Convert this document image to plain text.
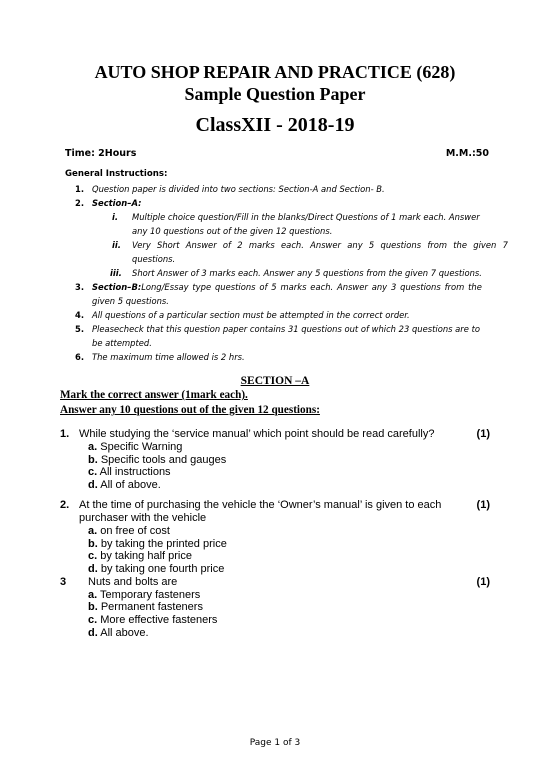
AUTO SHOP REPAIR AND PRACTICE (628)
Sample Question Paper
ClassXII - 2018-19
Time: 2Hours	M.M.:50
General Instructions:
1. Question paper is divided into two sections: Section-A and Section- B.
2. Section–A:
i. Multiple choice question/Fill in the blanks/Direct Questions of 1 mark each. Answer
any 10 questions out of the given 12 questions.
ii. Very Short Answer of 2 marks each. Answer any 5 questions from the given 7
questions.
iii. Short Answer of 3 marks each. Answer any 5 questions from the given 7 questions.
3. Section–B:Long/Essay type questions of 5 marks each. Answer any 3 questions from the
given 5 questions.
4. All questions of a particular section must be attempted in the correct order.
5. Pleasecheck that this question paper contains 31 questions out of which 23 questions are to
be attempted.
6. The maximum time allowed is 2 hrs.
SECTION –A
Mark the correct answer (1mark each).
Answer any 10 questions out of the given 12 questions:
1. While studying the ‘service manual’ which point should be read carefully?	(1)
a. Specific Warning
b. Specific tools and gauges
c. All instructions
d. All of above.
2. At the time of purchasing the vehicle the ‘Owner’s manual’ is given to each	(1)
purchaser with the vehicle
a. on free of cost
b. by taking the printed price
c. by taking half price
d. by taking one fourth price
3 Nuts and bolts are	(1)
a. Temporary fasteners
b. Permanent fasteners
c. More effective fasteners
d. All above.
Page 1 of 3
